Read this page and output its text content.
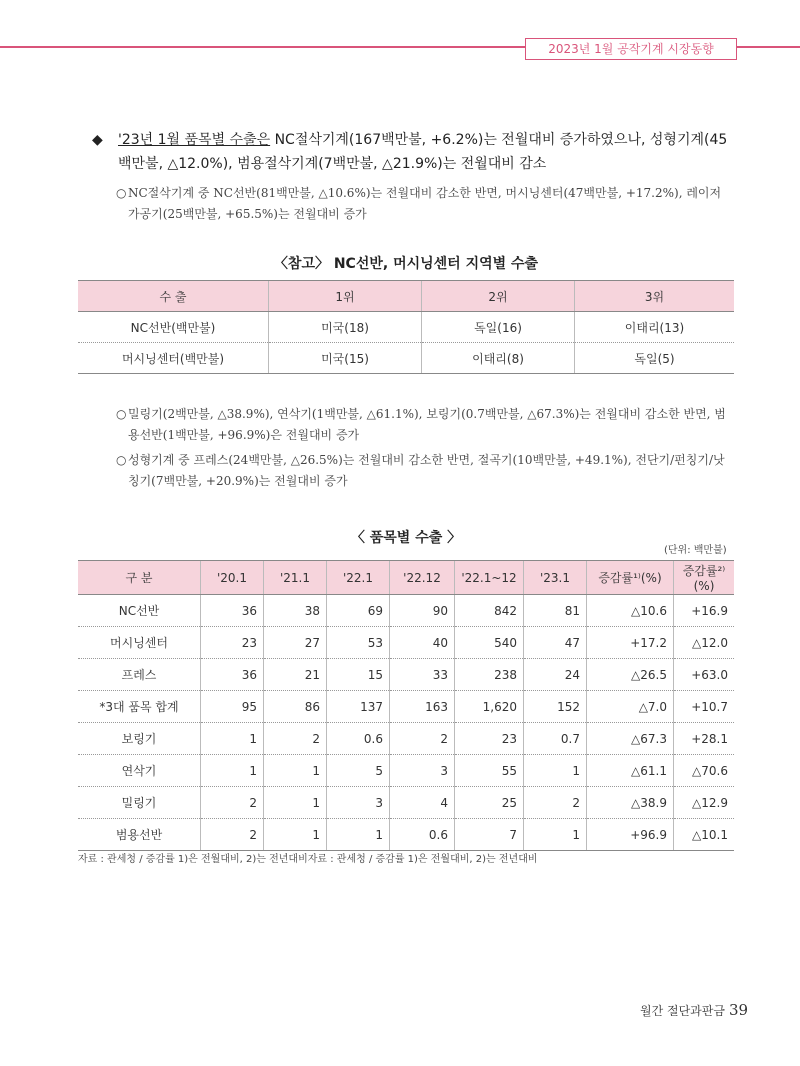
2023년 1월 공작기계 시장동향
◆	'23년 1월 품목별 수출은 NC절삭기계(167백만불, +6.2%)는 전월대비 증가하였으나, 성형기계(45백만불, △12.0%), 범용절삭기계(7백만불, △21.9%)는 전월대비 감소
○ NC절삭기계 중 NC선반(81백만불, △10.6%)는 전월대비 감소한 반면, 머시닝센터(47백만불, +17.2%), 레이저가공기(25백만불, +65.5%)는 전월대비 증가
〈참고〉 NC선반, 머시닝센터 지역별 수출
수 출	1위	2위	3위
NC선반(백만불)	미국(18)	독일(16)	이태리(13)
머시닝센터(백만불)	미국(15)	이태리(8)	독일(5)
○ 밀링기(2백만불, △38.9%), 연삭기(1백만불, △61.1%), 보링기(0.7백만불, △67.3%)는 전월대비 감소한 반면, 범용선반(1백만불, +96.9%)은 전월대비 증가
○ 성형기계 중 프레스(24백만불, △26.5%)는 전월대비 감소한 반면, 절곡기(10백만불, +49.1%), 전단기/펀칭기/낫칭기(7백만불, +20.9%)는 전월대비 증가
〈 품목별 수출 〉
(단위: 백만불)
구 분	'20.1	'21.1	'22.1	'22.12	'22.1~12	'23.1	증감률¹⁾(%)	증감률²⁾(%)
NC선반	36	38	69	90	842	81	△10.6	+16.9
머시닝센터	23	27	53	40	540	47	+17.2	△12.0
프레스	36	21	15	33	238	24	△26.5	+63.0
*3대 품목 합계	95	86	137	163	1,620	152	△7.0	+10.7
보링기	1	2	0.6	2	23	0.7	△67.3	+28.1
연삭기	1	1	5	3	55	1	△61.1	△70.6
밀링기	2	1	3	4	25	2	△38.9	△12.9
범용선반	2	1	1	0.6	7	1	+96.9	△10.1
자료 : 관세청 / 증감률 1)은 전월대비, 2)는 전년대비자료 : 관세청 / 증감률 1)은 전월대비, 2)는 전년대비
월간 절단과판금 39
